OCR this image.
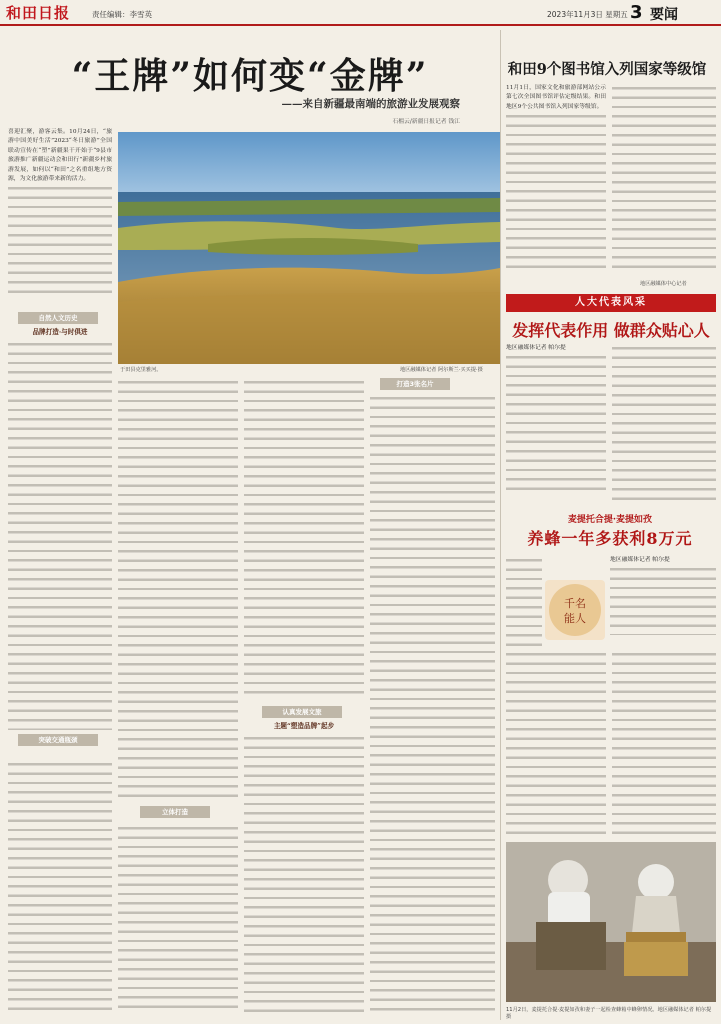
和田日报	责任编辑：李雪英	2023年11月3日 星期五 3 要闻
“王牌”如何变“金牌”
——来自新疆最南端的旅游业发展观察
石榴云/新疆日报记者 钱江
喜迎汇聚，游客云集。10月24日，“旅游中国美好生活”2023“冬日旅游”全国联动宣传在“塑”新疆果干开始于“9县市旅游推广新疆运动会和田行”新疆乡村旅游发展，如何以“和田”之名重组地方资源，为文化旅游带来新的活力。
于田县克里雅河。	地区融媒体记者 阿尔斯兰·买买提·摄
自然人文历史
品牌打造·与时俱进
突破交通瓶颈
立体打造
认真发展文旅
主题“塑造品牌”起步
打造3张名片
和田9个图书馆入列国家等级馆
11月1日，国家文化和旅游部网站公示第七次全国图书馆评估定级结果。和田地区9个公共图书馆入列国家等级馆。
地区融媒体中心记者
人大代表风采
发挥代表作用 做群众贴心人
地区融媒体记者 帕尔提
麦提托合提·麦提如孜
养蜂一年多获利8万元
千名
能人
地区融媒体记者 帕尔提
11月2日，麦提托合提·麦提如孜和妻子一起检查蜂箱中蜂卵情况。地区融媒体记者 帕尔提 摄
